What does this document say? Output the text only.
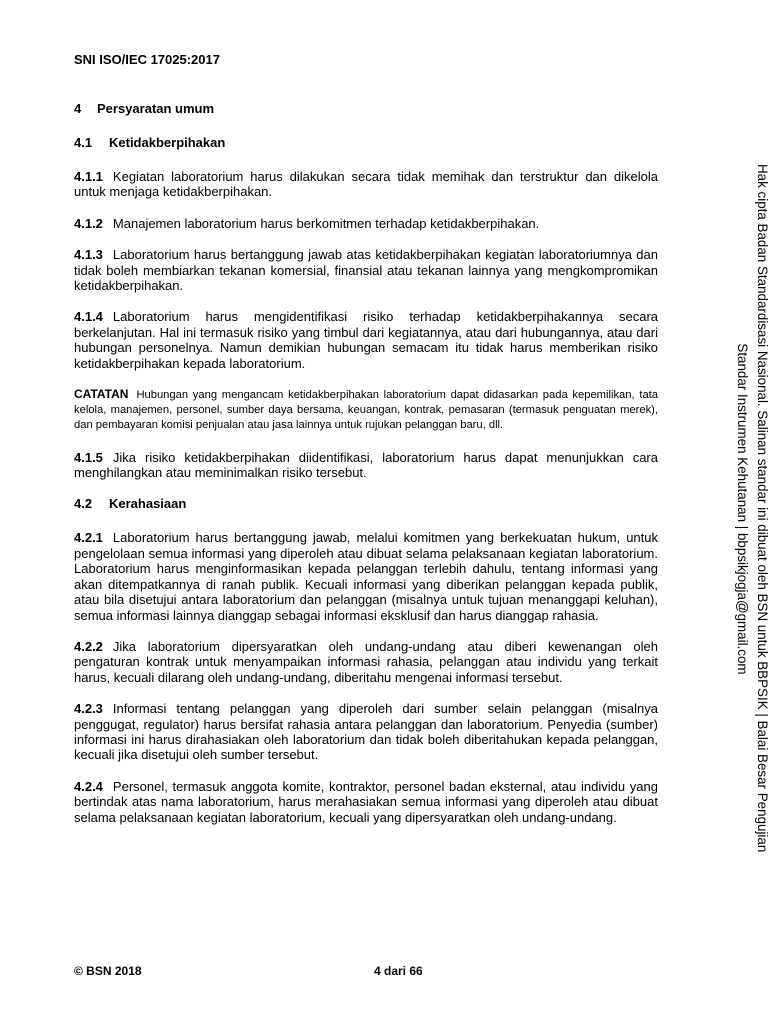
SNI ISO/IEC 17025:2017
4 Persyaratan umum
4.1 Ketidakberpihakan

4.1.1 Kegiatan laboratorium harus dilakukan secara tidak memihak dan terstruktur dan dikelola untuk menjaga ketidakberpihakan.

4.1.2 Manajemen laboratorium harus berkomitmen terhadap ketidakberpihakan.

4.1.3 Laboratorium harus bertanggung jawab atas ketidakberpihakan kegiatan laboratoriumnya dan tidak boleh membiarkan tekanan komersial, finansial atau tekanan lainnya yang mengkompromikan ketidakberpihakan.

4.1.4 Laboratorium harus mengidentifikasi risiko terhadap ketidakberpihakannya secara berkelanjutan. Hal ini termasuk risiko yang timbul dari kegiatannya, atau dari hubungannya, atau dari hubungan personelnya. Namun demikian hubungan semacam itu tidak harus memberikan risiko ketidakberpihakan kepada laboratorium.

CATATAN Hubungan yang mengancam ketidakberpihakan laboratorium dapat didasarkan pada kepemilikan, tata kelola, manajemen, personel, sumber daya bersama, keuangan, kontrak, pemasaran (termasuk penguatan merek), dan pembayaran komisi penjualan atau jasa lainnya untuk rujukan pelanggan baru, dll.

4.1.5 Jika risiko ketidakberpihakan diidentifikasi, laboratorium harus dapat menunjukkan cara menghilangkan atau meminimalkan risiko tersebut.

4.2 Kerahasiaan

4.2.1 Laboratorium harus bertanggung jawab, melalui komitmen yang berkekuatan hukum, untuk pengelolaan semua informasi yang diperoleh atau dibuat selama pelaksanaan kegiatan laboratorium. Laboratorium harus menginformasikan kepada pelanggan terlebih dahulu, tentang informasi yang akan ditempatkannya di ranah publik. Kecuali informasi yang diberikan pelanggan kepada publik, atau bila disetujui antara laboratorium dan pelanggan (misalnya untuk tujuan menanggapi keluhan), semua informasi lainnya dianggap sebagai informasi eksklusif dan harus dianggap rahasia.

4.2.2 Jika laboratorium dipersyaratkan oleh undang-undang atau diberi kewenangan oleh pengaturan kontrak untuk menyampaikan informasi rahasia, pelanggan atau individu yang terkait harus, kecuali dilarang oleh undang-undang, diberitahu mengenai informasi tersebut.

4.2.3 Informasi tentang pelanggan yang diperoleh dari sumber selain pelanggan (misalnya penggugat, regulator) harus bersifat rahasia antara pelanggan dan laboratorium. Penyedia (sumber) informasi ini harus dirahasiakan oleh laboratorium dan tidak boleh diberitahukan kepada pelanggan, kecuali jika disetujui oleh sumber tersebut.

4.2.4 Personel, termasuk anggota komite, kontraktor, personel badan eksternal, atau individu yang bertindak atas nama laboratorium, harus merahasiakan semua informasi yang diperoleh atau dibuat selama pelaksanaan kegiatan laboratorium, kecuali yang dipersyaratkan oleh undang-undang.

© BSN 2018	4 dari 66
Hak cipta Badan Standardisasi Nasional. Salinan standar ini dibuat oleh BSN untuk BBPSIK | Balai Besar Pengujian
Standar Instrumen Kehutanan | bbpsikjogja@gmail.com
